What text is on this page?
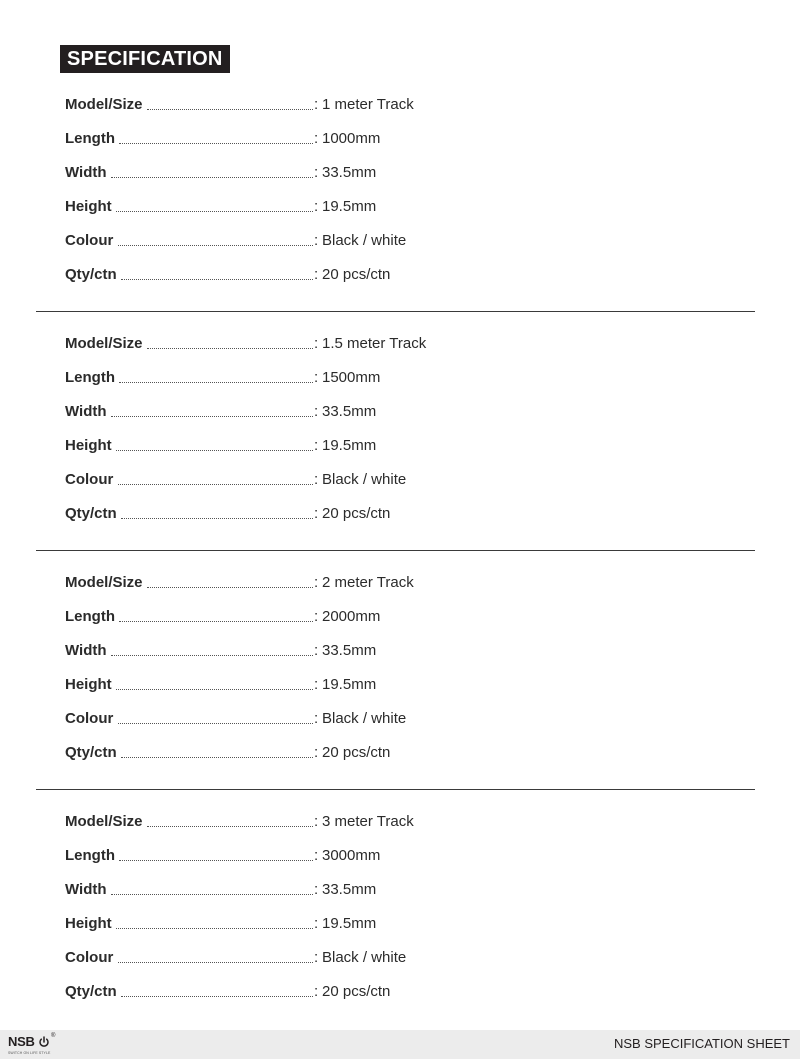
SPECIFICATION
Model/Size	: 1 meter Track
Length	: 1000mm
Width	: 33.5mm
Height	: 19.5mm
Colour	: Black / white
Qty/ctn	: 20 pcs/ctn
Model/Size	: 1.5 meter Track
Length	: 1500mm
Width	: 33.5mm
Height	: 19.5mm
Colour	: Black / white
Qty/ctn	: 20 pcs/ctn
Model/Size	: 2 meter Track
Length	: 2000mm
Width	: 33.5mm
Height	: 19.5mm
Colour	: Black / white
Qty/ctn	: 20 pcs/ctn
Model/Size	: 3 meter Track
Length	: 3000mm
Width	: 33.5mm
Height	: 19.5mm
Colour	: Black / white
Qty/ctn	: 20 pcs/ctn
NSB	®
SWITCH ON LIFE STYLE
NSB SPECIFICATION SHEET
